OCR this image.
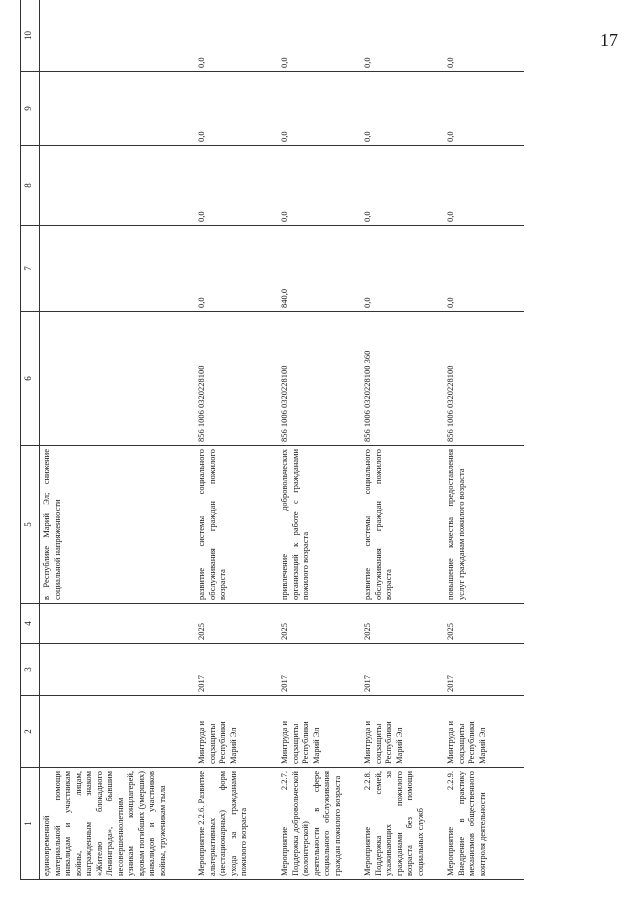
17
1	2	3	4	5	6	7	8	9	10
единовременной материальной помощи инвалидам и участникам войны, лицам, награжденным знаком «Жителю блокадного Ленинграда», бывшим несовершеннолетним узникам концлагерей, вдовам погибших (умерших) инвалидов и участников войны, труженикам тыла				в Республике Марий Эл; снижение социальной напряженности					
Мероприятие 2.2.6. Развитие альтернативных (нестационарных) форм ухода за гражданами пожилого возраста	Минтруда и соцзащиты Республики Марий Эл	2017	2025	развитие системы социального обслуживания граждан пожилого возраста	856 1006 0320228100	0,0	0,0	0,0	0,0
Мероприятие 2.2.7. Поддержка добровольческой (волонтерской) деятельности в сфере социального обслуживания граждан пожилого возраста	Минтруда и соцзащиты Республики Марий Эл	2017	2025	привлечение добровольческих организаций к работе с гражданами пожилого возраста	856 1006 0320228100	840,0	0,0	0,0	0,0
Мероприятие 2.2.8. Поддержка семей, ухаживающих за гражданами пожилого возраста без помощи социальных служб	Минтруда и соцзащиты Республики Марий Эл	2017	2025	развитие системы социального обслуживания граждан пожилого возраста	856 1006 0320228100 360	0,0	0,0	0,0	0,0
Мероприятие 2.2.9. Внедрение в практику механизмов общественного контроля деятельности	Минтруда и соцзащиты Республики Марий Эл	2017	2025	повышение качества предоставления услуг гражданам пожилого возраста	856 1006 0320228100	0,0	0,0	0,0	0,0
